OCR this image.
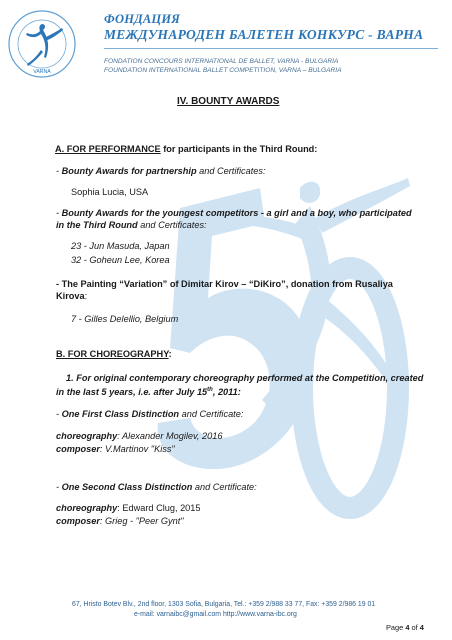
VARNA
ФОНДАЦИЯ
МЕЖДУНАРОДЕН БАЛЕТЕН КОНКУРС - ВАРНА
FONDATION CONCOURS INTERNATIONAL DE BALLET, VARNA - BULGARIA
FOUNDATION INTERNATIONAL BALLET COMPETITION, VARNA – BULGARIA
IV. BOUNTY AWARDS
A. FOR PERFORMANCE for participants in the Third Round:
- Bounty Awards for partnership and Certificates:
Sophia Lucia, USA
- Bounty Awards for the youngest competitors - a girl and a boy, who participated
in the Third Round and Certificates:
23 - Jun Masuda, Japan
32 - Goheun Lee, Korea
- The Painting “Variation” of Dimitar Kirov – “DiKiro”, donation from Rusaliya
Kirova:
7 - Gilles Delellio, Belgium
B. FOR CHOREOGRAPHY:
1. For original contemporary choreography performed at the Competition, created
in the last 5 years, i.e. after July 15th, 2011:
- One First Class Distinction and Certificate:
choreography: Alexander Mogilev, 2016
composer: V.Martinov "Kiss"
- One Second Class Distinction and Certificate:
choreography: Edward Clug, 2015
composer: Grieg - "Peer Gynt"
67, Hristo Botev Blv., 2nd floor, 1303 Sofia, Bulgaria, Tel.: +359 2/988 33 77, Fax: +359 2/986 19 01
e-mail: varnaibc@gmail.com http://www.varna-ibc.org
Page 4 of 4
